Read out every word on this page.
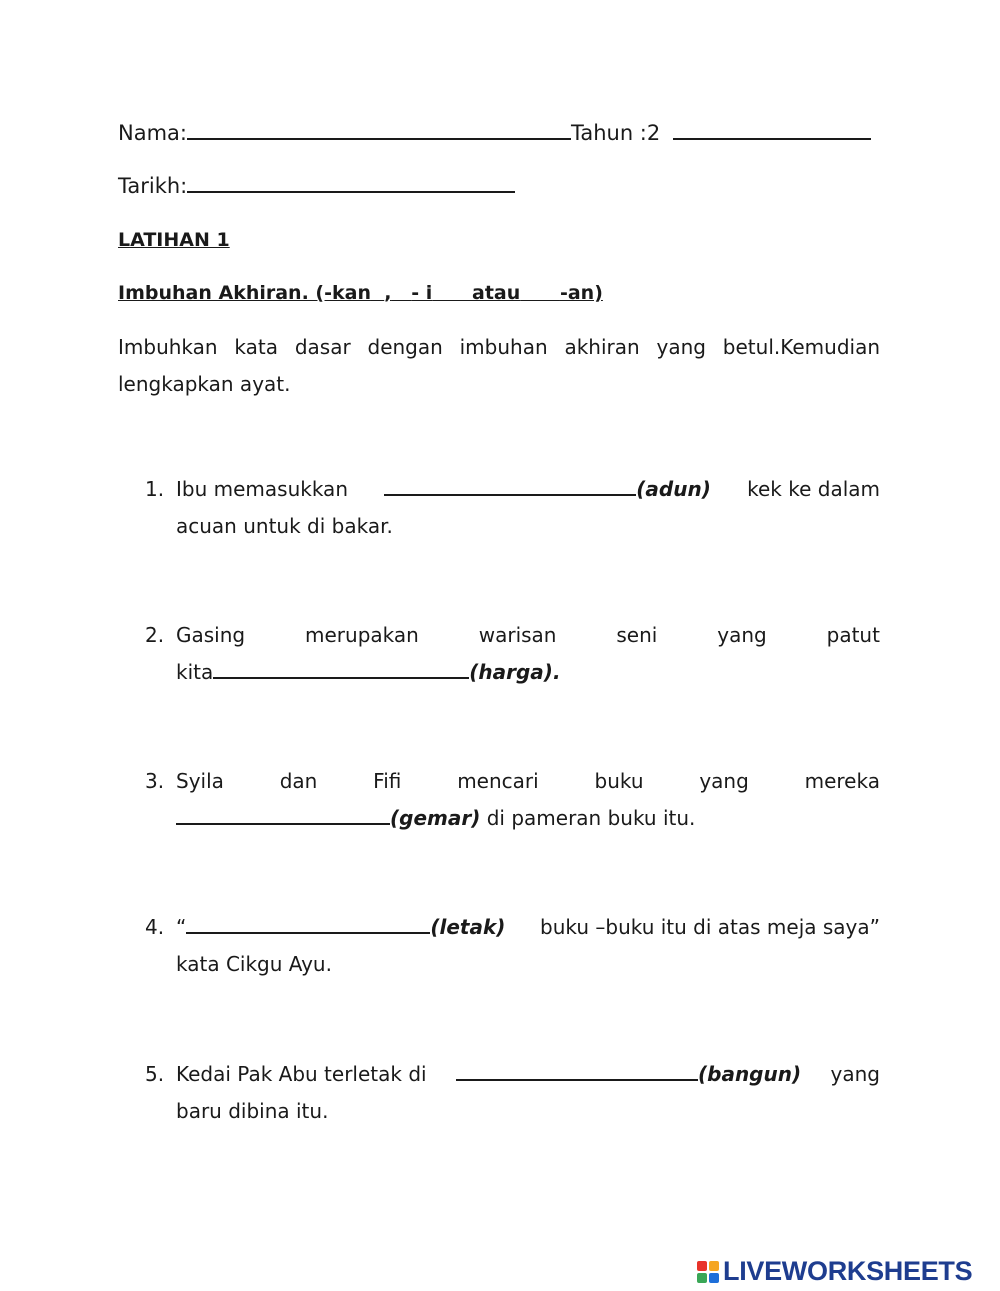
Nama:	Tahun :2
Tarikh:
LATIHAN 1
Imbuhan Akhiran. (-kan , - i atau -an)
Imbuhkan kata dasar dengan imbuhan akhiran yang betul.Kemudian lengkapkan ayat.
1. Ibu memasukkan	(adun) kek ke dalam
acuan untuk di bakar.
2. Gasing	merupakan	warisan	seni	yang	patut
kita	(harga).
3. Syila	dan	Fifi	mencari	buku	yang	mereka
(gemar) di pameran buku itu.
4. “	(letak) buku –buku itu di atas meja saya”
kata Cikgu Ayu.
5. Kedai Pak Abu terletak di	(bangun) yang
baru dibina itu.
LIVEWORKSHEETS
